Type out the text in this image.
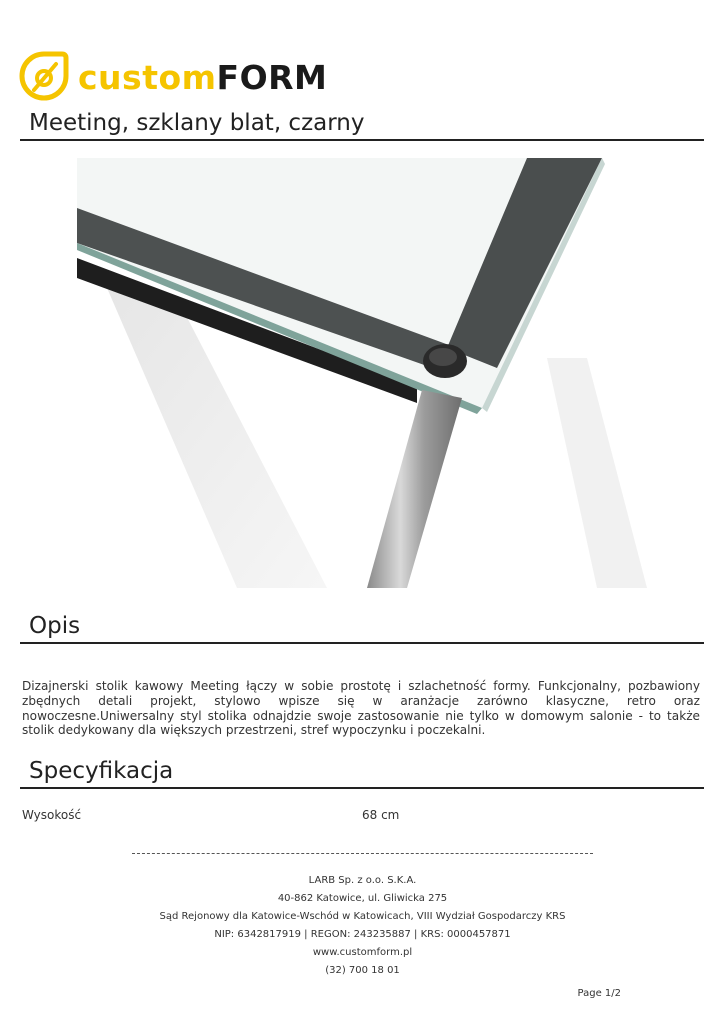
customFORM
Meeting, szklany blat, czarny
Opis

Dizajnerski stolik kawowy Meeting łączy w sobie prostotę i szlachetność formy. Funkcjonalny, pozbawiony zbędnych detali projekt, stylowo wpisze się w aranżacje zarówno klasyczne, retro oraz nowoczesne.Uniwersalny styl stolika odnajdzie swoje zastosowanie nie tylko w domowym salonie - to także stolik dedykowany dla większych przestrzeni, stref wypoczynku i poczekalni.

Specyfikacja
Wysokość	68 cm
LARB Sp. z o.o. S.K.A.
40-862 Katowice, ul. Gliwicka 275
Sąd Rejonowy dla Katowice-Wschód w Katowicach, VIII Wydział Gospodarczy KRS
NIP: 6342817919 | REGON: 243235887 | KRS: 0000457871
www.customform.pl
(32) 700 18 01
Page 1/2
